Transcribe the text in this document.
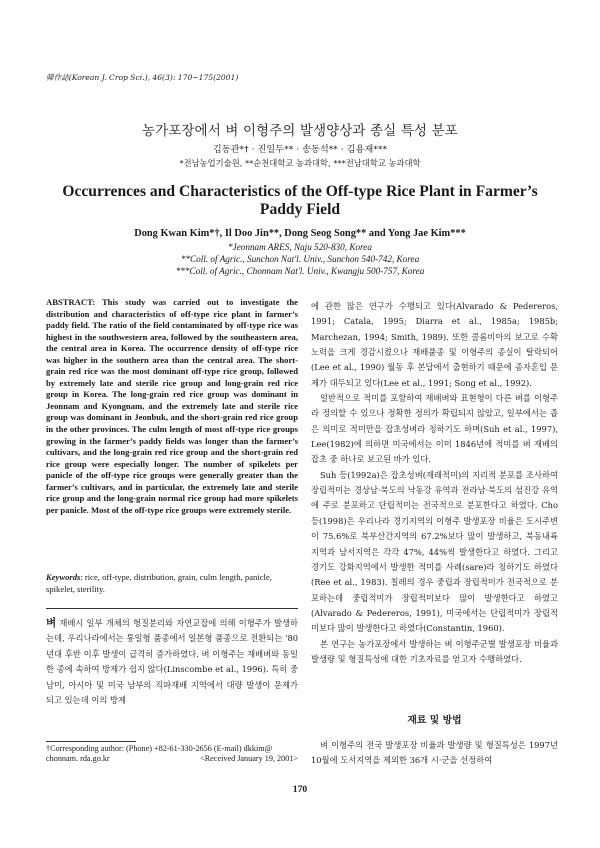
韓作誌(Korean J. Crop Sci.), 46(3): 170~175(2001)
농가포장에서 벼 이형주의 발생양상과 종실 특성 분포
김동관*† · 진일두** · 송동석** · 김용재***
*전남농업기술원, **순천대학교 농과대학, ***전남대학교 농과대학
Occurrences and Characteristics of the Off-type Rice Plant in Farmer’s Paddy Field
Dong Kwan Kim*†, Il Doo Jin**, Dong Seog Song** and Yong Jae Kim***
*Jeonnam ARES, Naju 520-830, Korea
**Coll. of Agric., Sunchon Nat'l. Univ., Sunchon 540-742, Korea
***Coll. of Agric., Chonnam Nat'l. Univ., Kwangju 500-757, Korea
ABSTRACT: This study was carried out to investigate the distribution and characteristics of off-type rice plant in farmer’s paddy field. The ratio of the field contaminated by off-type rice was highest in the southwestern area, followed by the southeastern area, the central area in Korea. The occurrence density of off-type rice was higher in the southern area than the central area. The short-grain red rice was the most dominant off-type rice group, followed by extremely late and sterile rice group and long-grain red rice group in Korea. The long-grain red rice group was dominant in Jeonnam and Kyongnam, and the extremely late and sterile rice group was dominant in Jeonbuk, and the short-grain red rice group in the other provinces. The culm length of most off-type rice groups growing in the farmer’s paddy fields was longer than the farmer’s cultivars, and the long-grain red rice group and the short-grain red rice group were especially longer. The number of spikelets per panicle of the off-type rice groups were generally greater than the farmer’s cultivars, and in particular, the extremely late and sterile rice group and the long-grain normal rice group had more spikelets per panicle. Most of the off-type rice groups were extremely sterile.
Keywords: rice, off-type, distribution, grain, culm length, panicle, spikelet, sterility.
벼 재배시 일부 개체의 형질분리와 자연교잡에 의해 이형주가 발생하는데, 우리나라에서는 통일형 품종에서 일본형 품종으로 전환되는 '80년대 후반 이후 발생이 급격히 증가하였다. 벼 이형주는 재배벼와 동일한 종에 속하여 방제가 쉽지 않다(Linscombe et al., 1996). 특히 중남미, 아시아 및 미국 남부의 직파재배 지역에서 대량 발생이 문제가 되고 있는데 이의 방제
†Corresponding author: (Phone) +82-61-330-2656 (E-mail) dkkim@
chonnam. rda.go.kr	<Received January 19, 2001>

에 관한 많은 연구가 수행되고 있다(Alvarado & Pedereros, 1991; Catala, 1995; Diarra et al., 1985a; 1985b; Marchezan, 1994; Smith, 1989). 또한 콜롬비아의 보고로 수확노력을 크게 경감시켰으나 재배품종 및 이형주의 종실이 탈락되어(Lee et al., 1990) 월동 후 본답에서 출현하기 때문에 종자혼입 문제가 대두되고 있다(Lee et al., 1991; Song et al., 1992).

일반적으로 적미를 포함하여 재배벼와 표현형이 다른 벼를 이형주라 정의할 수 있으나 정확한 정의가 확립되지 않았고, 일부에서는 좁은 의미로 적미만을 잡초성벼라 칭하기도 하며(Suh et al., 1997), Lee(1982)에 의하면 미국에서는 이미 1846년에 적미를 벼 재배의 잡초 중 하나로 보고된 바가 있다.

Suh 등(1992a)은 잡초성벼(재래적미)의 지리적 분포를 조사하여 장립적미는 경상남·북도의 낙동강 유역과 전라남·북도의 섬진강 유역에 주로 분포하고 단립적미는 전국적으로 분포한다고 하였다. Cho 등(1998)은 우리나라 경기지역의 이형주 발생포장 비율은 도시주변이 75.6%로 북부산간지역의 67.2%보다 많이 발생하고, 북동내륙지역과 남서지역은 각각 47%, 44%씩 발생한다고 하였다. 그리고 경기도 강화지역에서 발생한 적미를 사례(sare)라 칭하기도 하였다(Ree et al., 1983). 칠레의 경우 중립과 장립적미가 전국적으로 분포하는데 중립적미가 장립적미보다 많이 발생한다고 하였고(Alvarado & Pedereros, 1991), 미국에서는 단립적미가 장립적미보다 많이 발생한다고 하였다(Constantin, 1960).

본 연구는 농가포장에서 발생하는 벼 이형주군별 발생포장 비율과 발생량 및 형질특성에 대한 기초자료를 얻고자 수행하였다.

재료 및 방법
벼 이형주의 전국 발생포장 비율과 발생량 및 형질특성은 1997년 10월에 도서지역을 제외한 36개 시·군을 선정하여
170
